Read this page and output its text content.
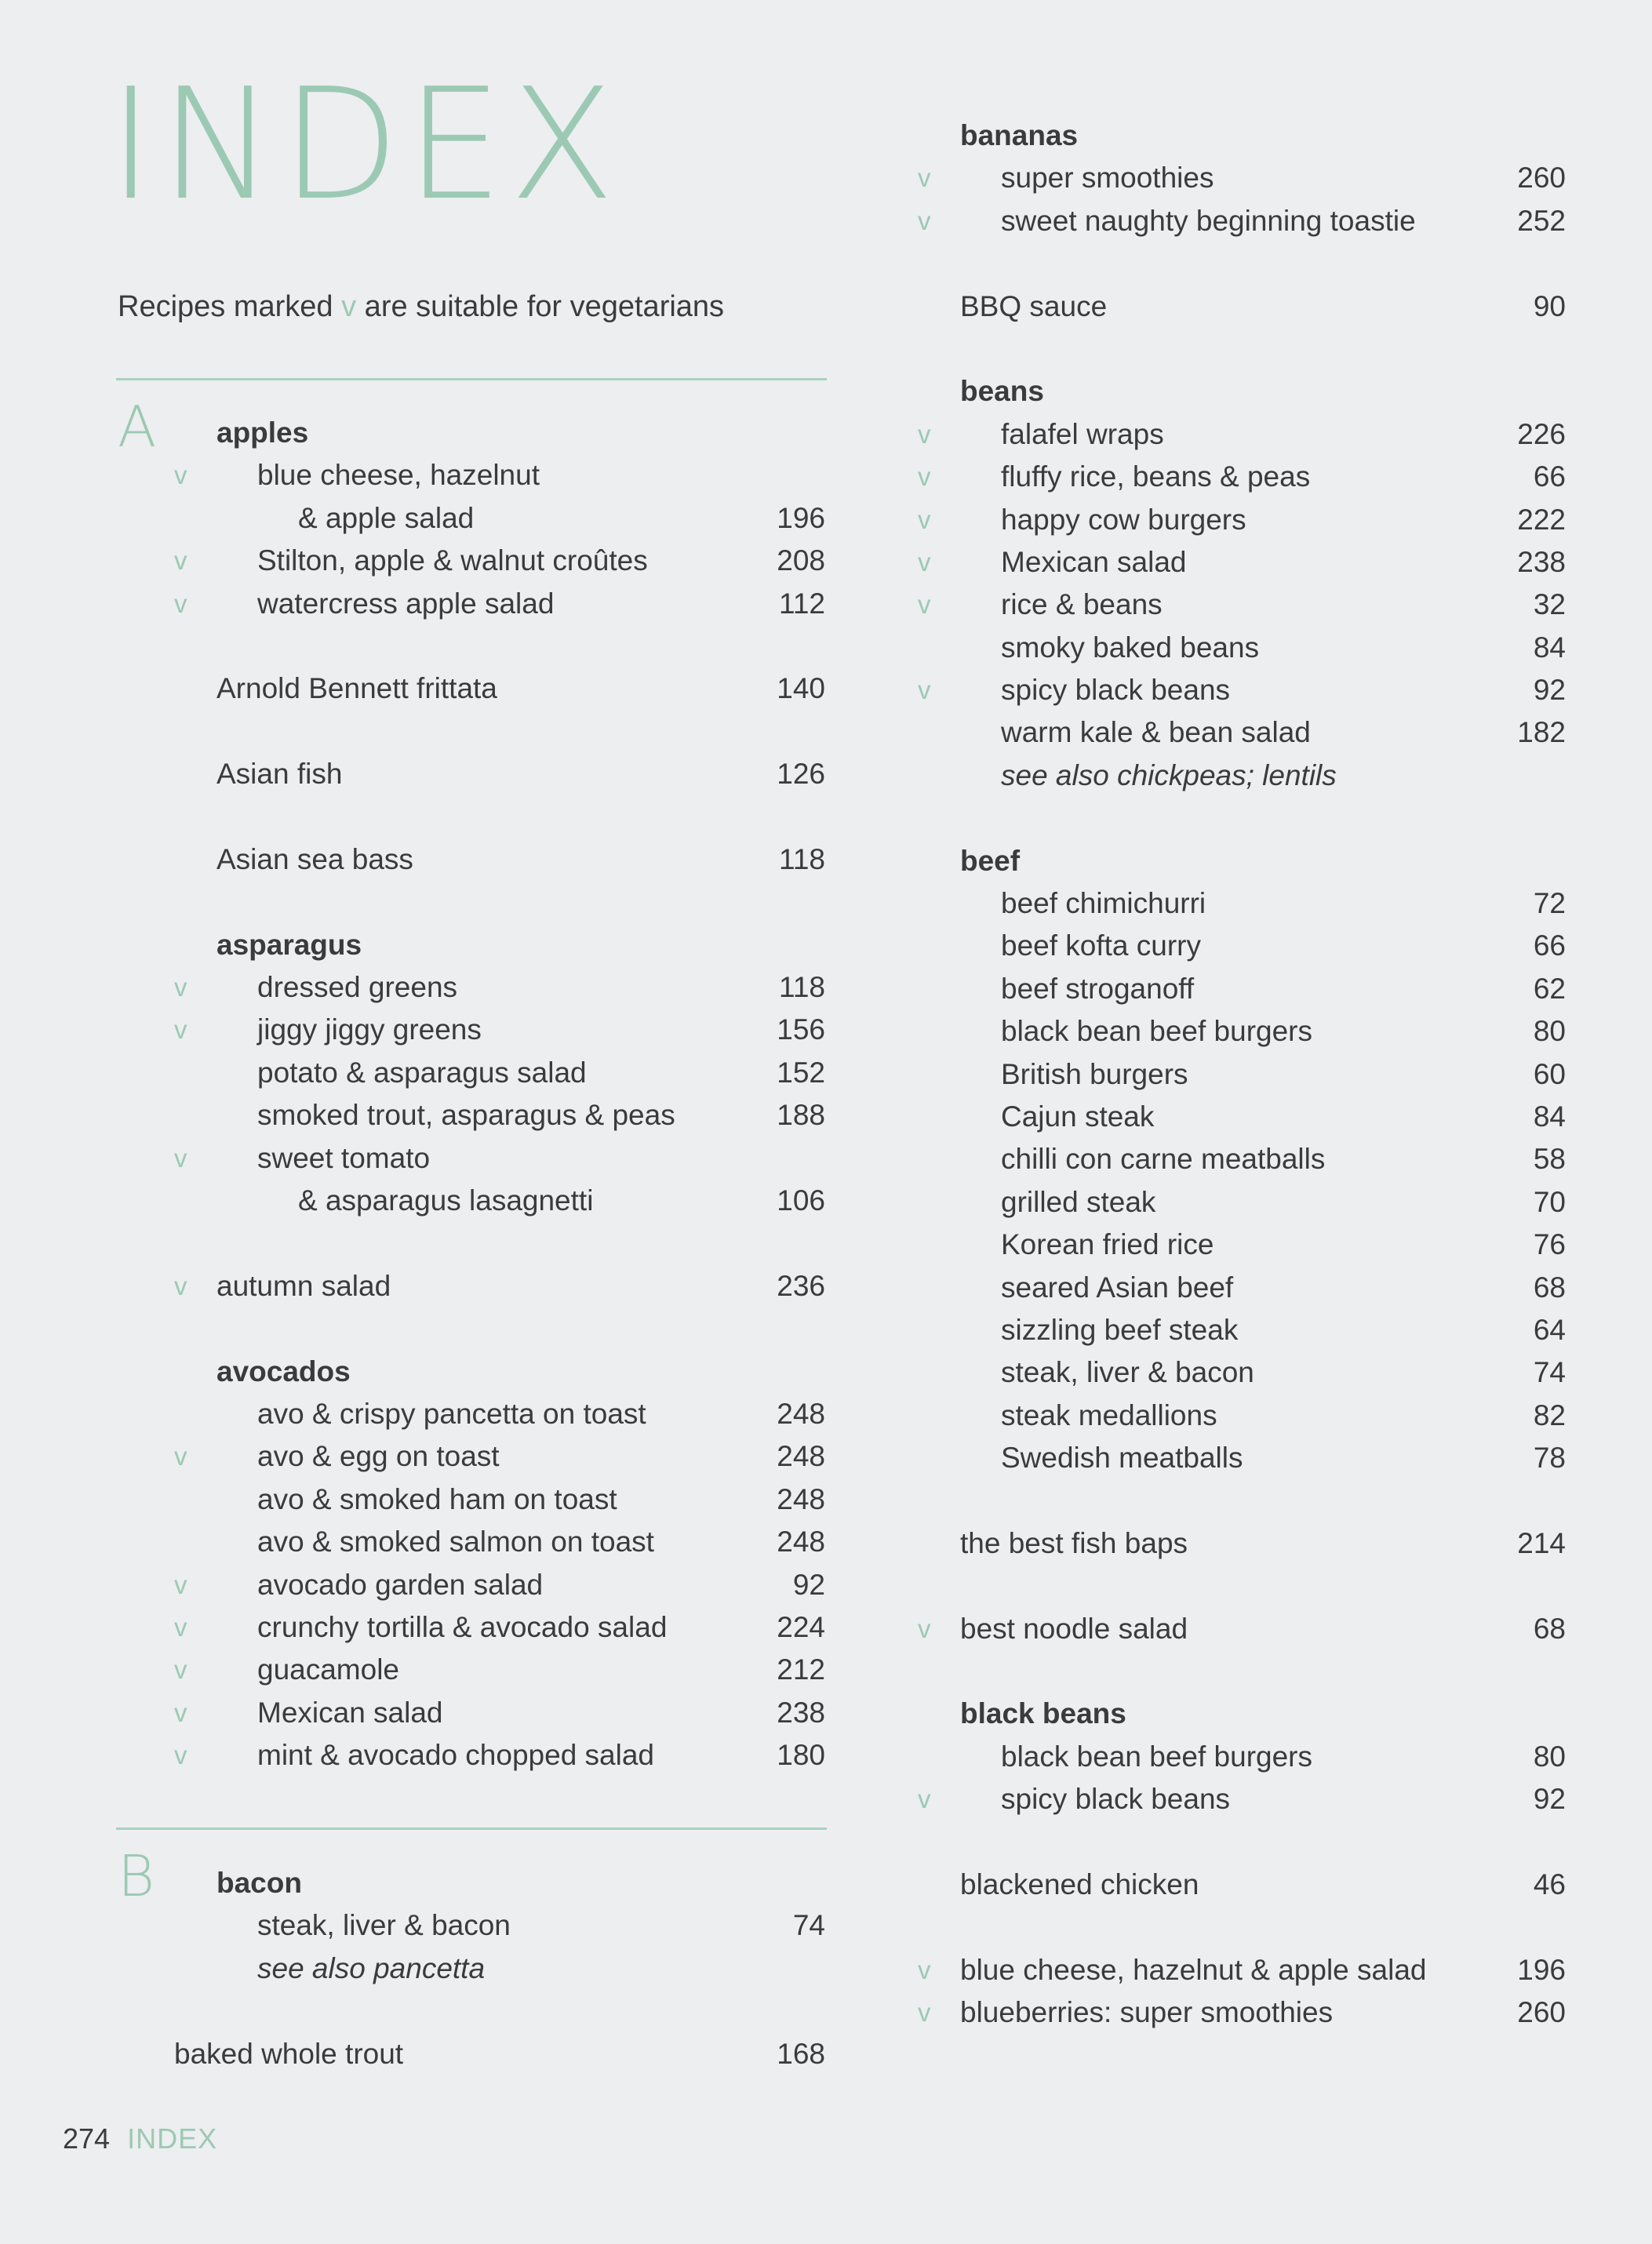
INDEX
Recipes marked v are suitable for vegetarians
A apples
v blue cheese, hazelnut
& apple salad	196
v Stilton, apple & walnut croûtes	208
v watercress apple salad	112
Arnold Bennett frittata	140
Asian fish	126
Asian sea bass	118
asparagus
v dressed greens	118
v jiggy jiggy greens	156
potato & asparagus salad	152
smoked trout, asparagus & peas	188
v sweet tomato
& asparagus lasagnetti	106
v autumn salad	236
avocados
avo & crispy pancetta on toast	248
v avo & egg on toast	248
avo & smoked ham on toast	248
avo & smoked salmon on toast	248
v avocado garden salad	92
v crunchy tortilla & avocado salad	224
v guacamole	212
v Mexican salad	238
v mint & avocado chopped salad	180
B bacon
steak, liver & bacon	74
see also pancetta
baked whole trout	168
bananas
v super smoothies	260
v sweet naughty beginning toastie	252
BBQ sauce	90
beans
v falafel wraps	226
v fluffy rice, beans & peas	66
v happy cow burgers	222
v Mexican salad	238
v rice & beans	32
smoky baked beans	84
v spicy black beans	92
warm kale & bean salad	182
see also chickpeas; lentils
beef
beef chimichurri	72
beef kofta curry	66
beef stroganoff	62
black bean beef burgers	80
British burgers	60
Cajun steak	84
chilli con carne meatballs	58
grilled steak	70
Korean fried rice	76
seared Asian beef	68
sizzling beef steak	64
steak, liver & bacon	74
steak medallions	82
Swedish meatballs	78
the best fish baps	214
v best noodle salad	68
black beans
black bean beef burgers	80
v spicy black beans	92
blackened chicken	46
v blue cheese, hazelnut & apple salad	196
v blueberries: super smoothies	260
274 INDEX
